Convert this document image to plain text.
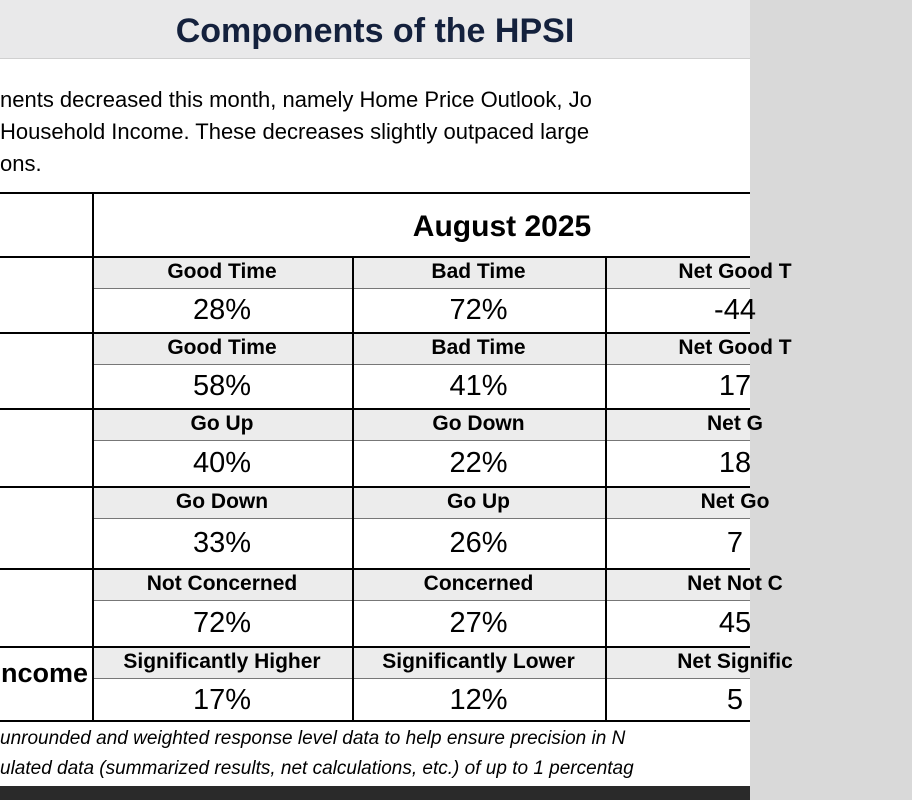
Components of the HPSI
nents decreased this month, namely Home Price Outlook, Jo
Household Income. These decreases slightly outpaced large
ons.
August 2025
Good Time
28%
Bad Time
72%
Net Good T
-44
Good Time
58%
Bad Time
41%
Net Good T
17
Go Up
40%
Go Down
22%
Net G
18
Go Down
33%
Go Up
26%
Net Go
7
Not Concerned
72%
Concerned
27%
Net Not C
45
ncome	Significantly Higher
17%
Significantly Lower
12%
Net Signific
5
unrounded and weighted response level data to help ensure precision in N
ulated data (summarized results, net calculations, etc.) of up to 1 percentag
